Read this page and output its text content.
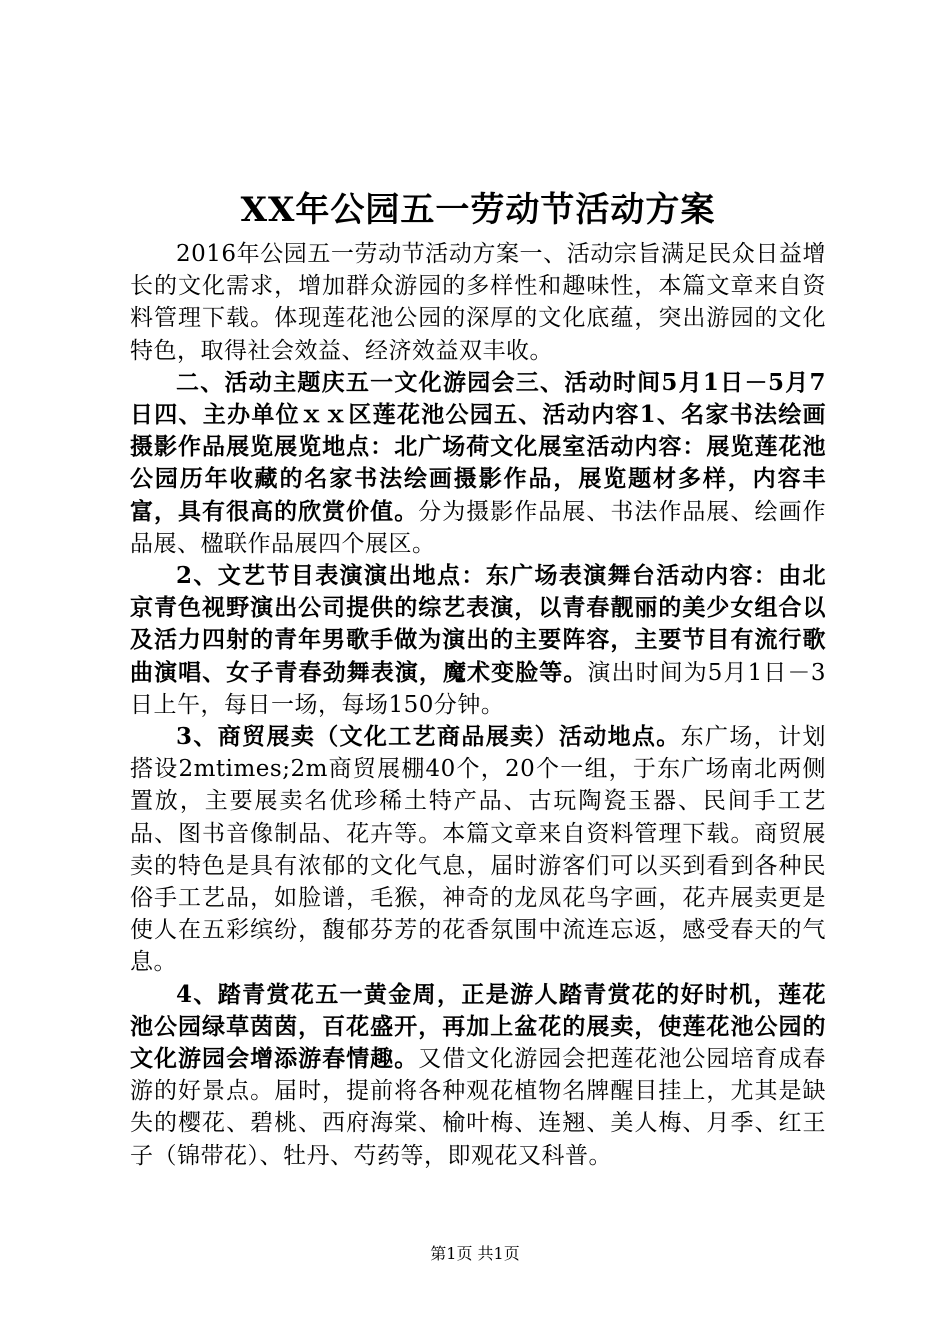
XX年公园五一劳动节活动方案

2016年公园五一劳动节活动方案一、活动宗旨满足民众日益增长的文化需求，增加群众游园的多样性和趣味性，本篇文章来自资料管理下载。体现莲花池公园的深厚的文化底蕴，突出游园的文化特色，取得社会效益、经济效益双丰收。

二、活动主题庆五一文化游园会三、活动时间5月1日－5月7日四、主办单位ｘｘ区莲花池公园五、活动内容1、名家书法绘画摄影作品展览展览地点：北广场荷文化展室活动内容：展览莲花池公园历年收藏的名家书法绘画摄影作品，展览题材多样，内容丰富，具有很高的欣赏价值。分为摄影作品展、书法作品展、绘画作品展、楹联作品展四个展区。

2、文艺节目表演演出地点：东广场表演舞台活动内容：由北京青色视野演出公司提供的综艺表演，以青春靓丽的美少女组合以及活力四射的青年男歌手做为演出的主要阵容，主要节目有流行歌曲演唱、女子青春劲舞表演，魔术变脸等。演出时间为5月1日－3日上午，每日一场，每场150分钟。

3、商贸展卖（文化工艺商品展卖）活动地点。东广场，计划搭设2mtimes;2m商贸展棚40个，20个一组，于东广场南北两侧置放，主要展卖名优珍稀土特产品、古玩陶瓷玉器、民间手工艺品、图书音像制品、花卉等。本篇文章来自资料管理下载。商贸展卖的特色是具有浓郁的文化气息，届时游客们可以买到看到各种民俗手工艺品，如脸谱，毛猴，神奇的龙凤花鸟字画，花卉展卖更是使人在五彩缤纷，馥郁芬芳的花香氛围中流连忘返，感受春天的气息。

4、踏青赏花五一黄金周，正是游人踏青赏花的好时机，莲花池公园绿草茵茵，百花盛开，再加上盆花的展卖，使莲花池公园的文化游园会增添游春情趣。又借文化游园会把莲花池公园培育成春游的好景点。届时，提前将各种观花植物名牌醒目挂上，尤其是缺失的樱花、碧桃、西府海棠、榆叶梅、连翘、美人梅、月季、红王子（锦带花）、牡丹、芍药等，即观花又科普。

第1页 共1页
